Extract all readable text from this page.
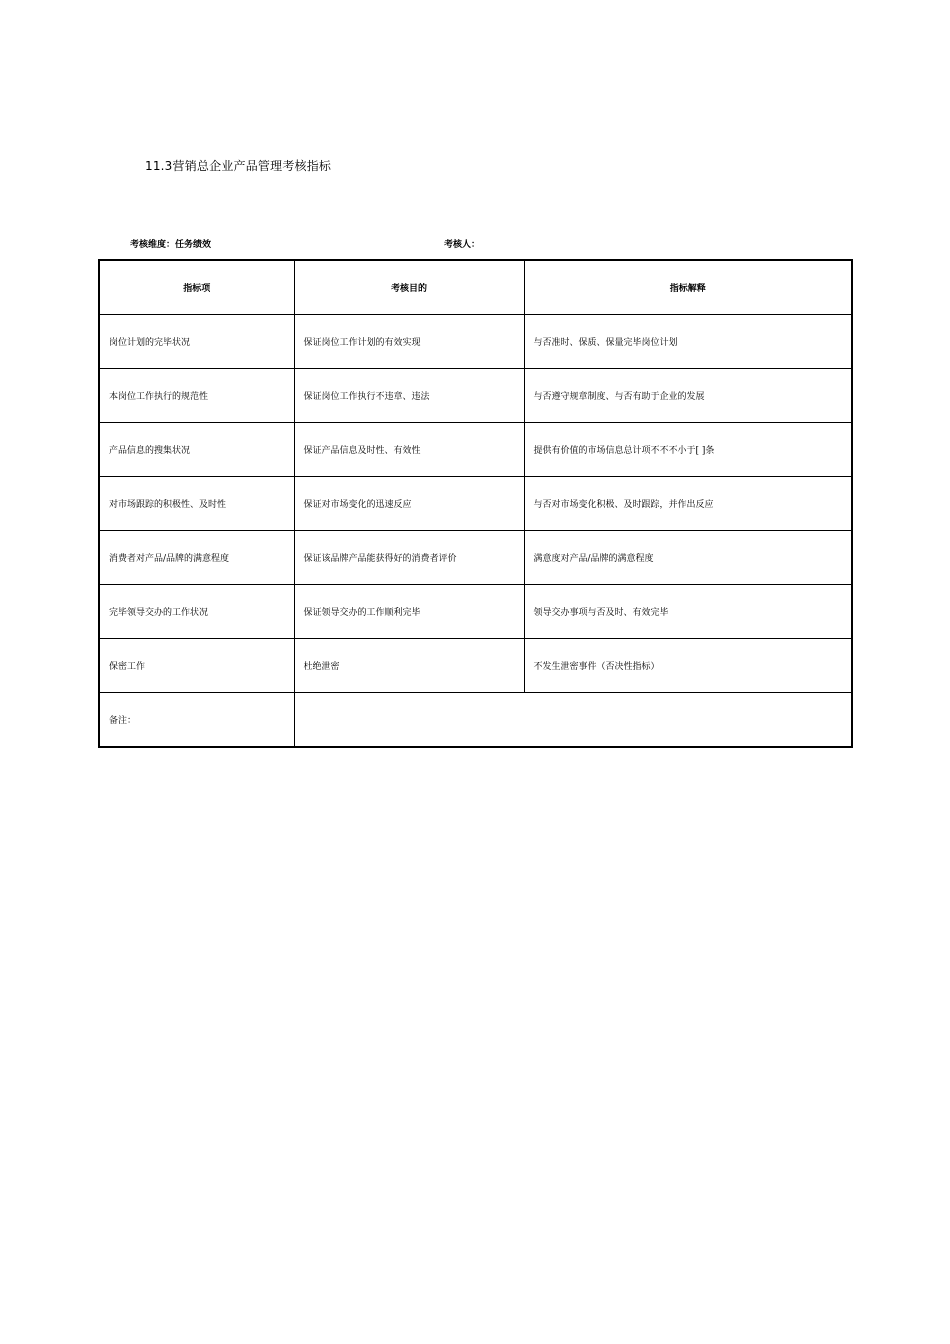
11.3营销总企业产品管理考核指标
考核维度：任务绩效	考核人：
指标项	考核目的	指标解释
岗位计划的完毕状况	保证岗位工作计划的有效实现	与否准时、保质、保量完毕岗位计划
本岗位工作执行的规范性	保证岗位工作执行不违章、违法	与否遵守规章制度、与否有助于企业的发展
产品信息的搜集状况	保证产品信息及时性、有效性	提供有价值的市场信息总计项不不不小于[ ]条
对市场跟踪的积极性、及时性	保证对市场变化的迅速反应	与否对市场变化积极、及时跟踪，并作出反应
消费者对产品/品牌的满意程度	保证该品牌产品能获得好的消费者评价	满意度对产品/品牌的满意程度
完毕领导交办的工作状况	保证领导交办的工作顺利完毕	领导交办事项与否及时、有效完毕
保密工作	杜绝泄密	不发生泄密事件（否决性指标）
备注：		
